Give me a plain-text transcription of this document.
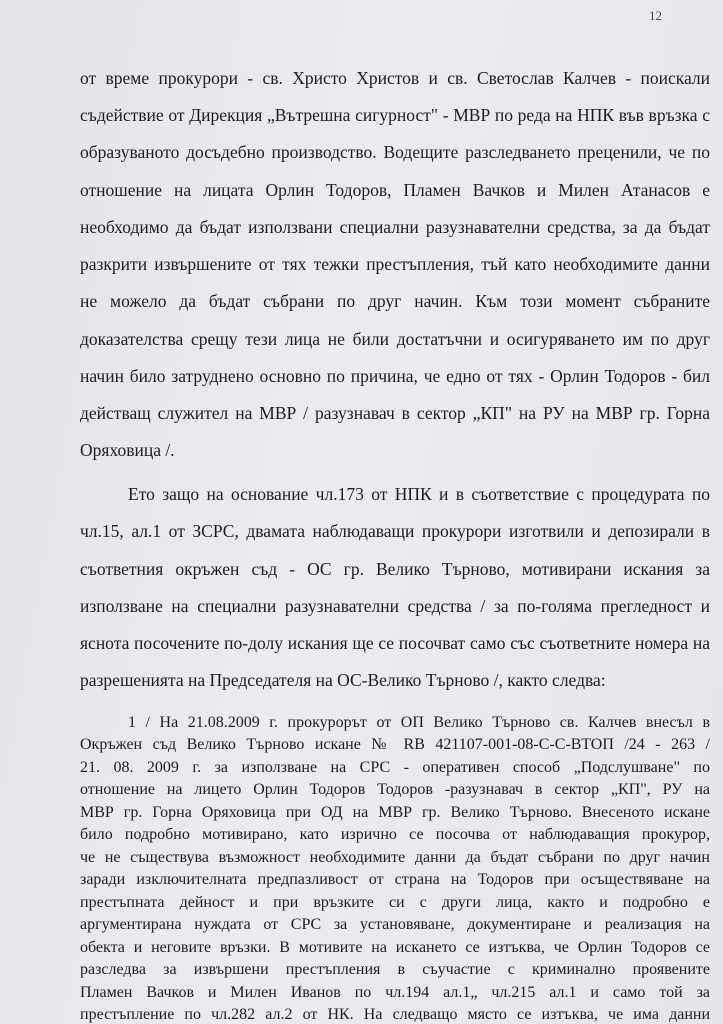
12
от време прокурори - св. Христо Христов и св. Светослав Калчев - поискали
съдействие от Дирекция „Вътрешна сигурност" - МВР по реда на НПК във връзка с
образуваното досъдебно производство. Водещите разследването преценили, че по
отношение на лицата Орлин Тодоров, Пламен Вачков и Милен Атанасов е
необходимо да бъдат използвани специални разузнавателни средства, за да бъдат
разкрити извършените от тях тежки престъпления, тъй като необходимите данни
не можело да бъдат събрани по друг начин. Към този момент събраните
доказателства срещу тези лица не били достатъчни и осигуряването им по друг
начин било затруднено основно по причина, че едно от тях - Орлин Тодоров - бил
действащ служител на МВР / разузнавач в сектор „КП" на РУ на МВР гр. Горна
Оряховица /.
Ето защо на основание чл.173 от НПК и в съответствие с процедурата по
чл.15, ал.1 от ЗСРС, двамата наблюдаващи прокурори изготвили и депозирали в
съответния окръжен съд - ОС гр. Велико Търново, мотивирани искания за
използване на специални разузнавателни средства / за по-голяма прегледност и
яснота посочените по-долу искания ще се посочват само със съответните номера на
разрешенията на Председателя на ОС-Велико Търново /, както следва:
1 / На 21.08.2009 г. прокурорът от ОП Велико Търново св. Калчев внесъл в
Окръжен съд Велико Търново искане № RB 421107-001-08-С-С-ВТОП /24 - 263 /
21. 08. 2009 г. за използване на СРС - оперативен способ „Подслушване" по
отношение на лицето Орлин Тодоров Тодоров -разузнавач в сектор „КП", РУ на
МВР гр. Горна Оряховица при ОД на МВР гр. Велико Търново. Внесеното искане
било подробно мотивирано, като изрично се посочва от наблюдаващия прокурор,
че не съществува възможност необходимите данни да бъдат събрани по друг начин
заради изключителната предпазливост от страна на Тодоров при осъществяване на
престъпната дейност и при връзките си с други лица, както и подробно е
аргументирана нуждата от СРС за установяване, документиране и реализация на
обекта и неговите връзки. В мотивите на искането се изтъква, че Орлин Тодоров се
разследва за извършени престъпления в съучастие с криминално проявените
Пламен Вачков и Милен Иванов по чл.194 ал.1„ чл.215 ал.1 и само той за
престъпление по чл.282 ал.2 от НК. На следващо място се изтъква, че има данни
